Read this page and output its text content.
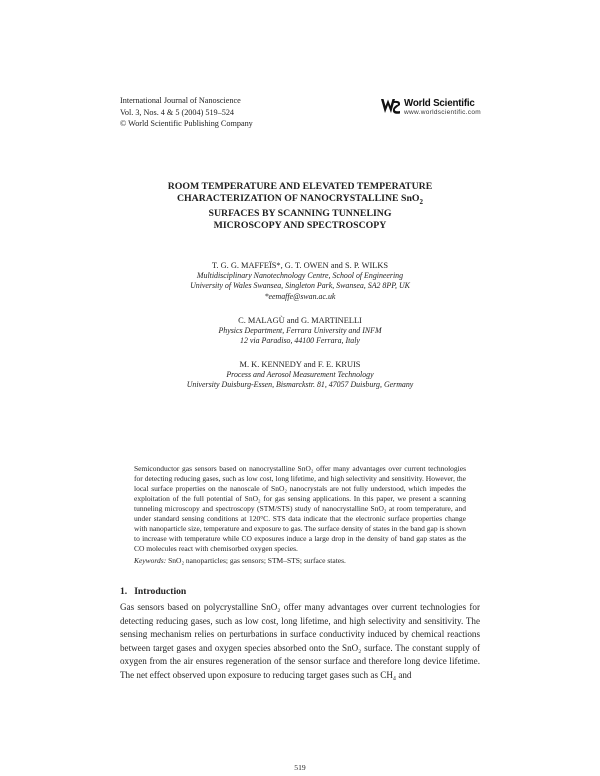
International Journal of Nanoscience
Vol. 3, Nos. 4 & 5 (2004) 519–524
© World Scientific Publishing Company
World Scientific
www.worldscientific.com
ROOM TEMPERATURE AND ELEVATED TEMPERATURE
CHARACTERIZATION OF NANOCRYSTALLINE SnO$_2$
SURFACES BY SCANNING TUNNELING
MICROSCOPY AND SPECTROSCOPY
T. G. G. MAFFEÏS*, G. T. OWEN and S. P. WILKS
Multidisciplinary Nanotechnology Centre, School of Engineering
University of Wales Swansea, Singleton Park, Swansea, SA2 8PP, UK
*eemaffe@swan.ac.uk
C. MALAGÙ and G. MARTINELLI
Physics Department, Ferrara University and INFM
12 via Paradiso, 44100 Ferrara, Italy
M. K. KENNEDY and F. E. KRUIS
Process and Aerosol Measurement Technology
University Duisburg-Essen, Bismarckstr. 81, 47057 Duisburg, Germany

Semiconductor gas sensors based on nanocrystalline SnO₂ offer many advantages over current technologies for detecting reducing gases, such as low cost, long lifetime, and high selectivity and sensitivity. However, the local surface properties on the nanoscale of SnO₂ nanocrystals are not fully understood, which impedes the exploitation of the full potential of SnO₂ for gas sensing applications. In this paper, we present a scanning tunneling microscopy and spectroscopy (STM/STS) study of nanocrystalline SnO₂ at room temperature, and under standard sensing conditions at 120°C. STS data indicate that the electronic surface properties change with nanoparticle size, temperature and exposure to gas. The surface density of states in the band gap is shown to increase with temperature while CO exposures induce a large drop in the density of band gap states as the CO molecules react with chemisorbed oxygen species.

Keywords: SnO₂ nanoparticles; gas sensors; STM–STS; surface states.
1. Introduction

Gas sensors based on polycrystalline SnO₂ offer many advantages over current technologies for detecting reducing gases, such as low cost, long lifetime, and high selectivity and sensitivity. The sensing mechanism relies on perturbations in surface conductivity induced by chemical reactions between target gases and oxygen species absorbed onto the SnO₂ surface. The constant supply of oxygen from the air ensures regeneration of the sensor surface and therefore long device lifetime. The net effect observed upon exposure to reducing target gases such as CH₄ and

519
